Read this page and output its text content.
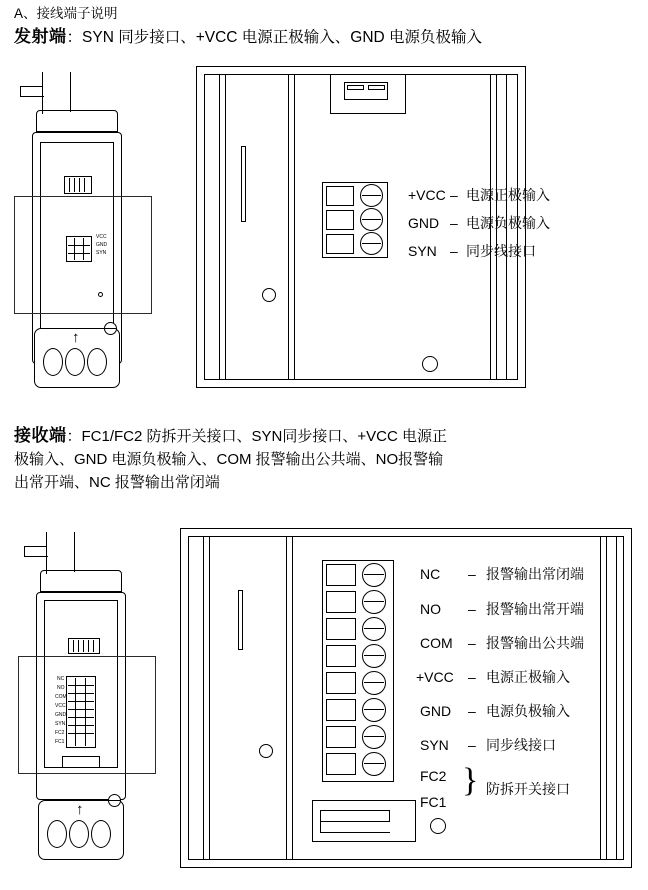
A、接线端子说明
发射端：SYN 同步接口、+VCC 电源正极输入、GND 电源负极输入
VCC
GND
SYN
↑
+VCC – 电源正极输入
GND – 电源负极输入
SYN – 同步线接口
接收端：FC1/FC2 防拆开关接口、SYN同步接口、+VCC 电源正
极输入、GND 电源负极输入、COM 报警输出公共端、NO报警输
出常开端、NC 报警输出常闭端
NC
NO
COM
VCC
GND
SYN
FC2
FC1
↑
NC – 报警输出常闭端
NO – 报警输出常开端
COM – 报警输出公共端
+VCC – 电源正极输入
GND – 电源负极输入
SYN – 同步线接口
FC2
FC1
} 防拆开关接口
